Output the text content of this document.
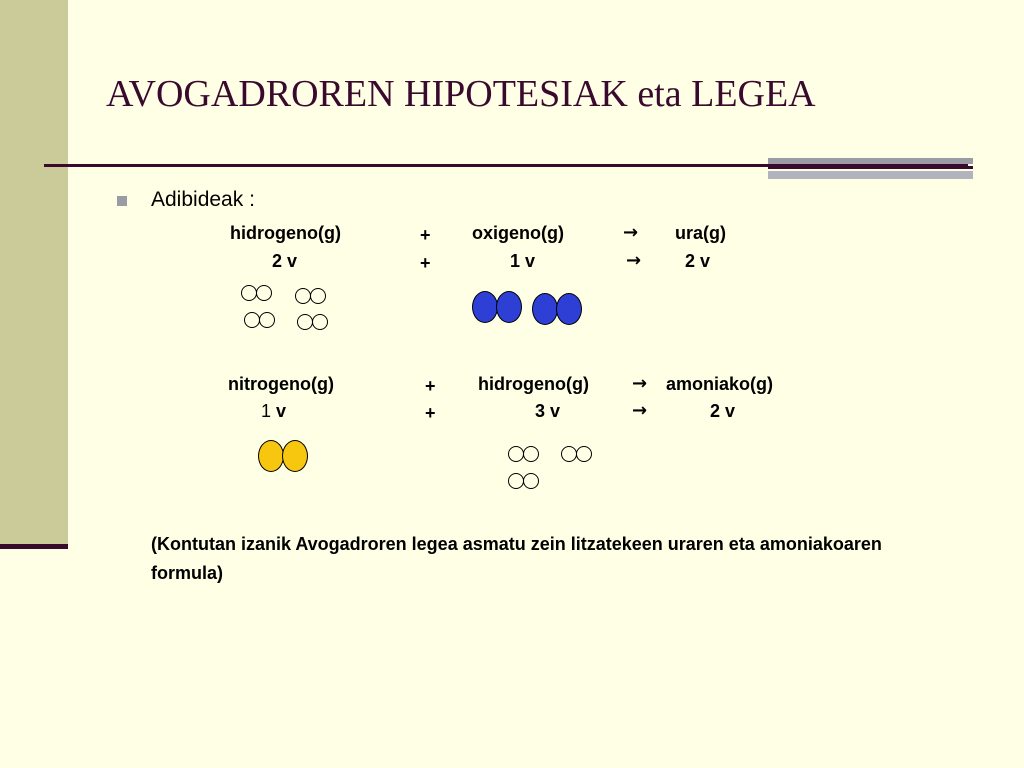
AVOGADROREN HIPOTESIAK eta LEGEA
Adibideak :
hidrogeno(g)	+ oxigeno(g)	→ ura(g)
2 v	+	1 v	→ 2 v
nitrogeno(g)	+ hidrogeno(g) → amoniako(g)
1 v	+	3 v	→	2 v
(Kontutan izanik Avogadroren legea asmatu zein litzatekeen uraren eta amoniakoaren formula)
